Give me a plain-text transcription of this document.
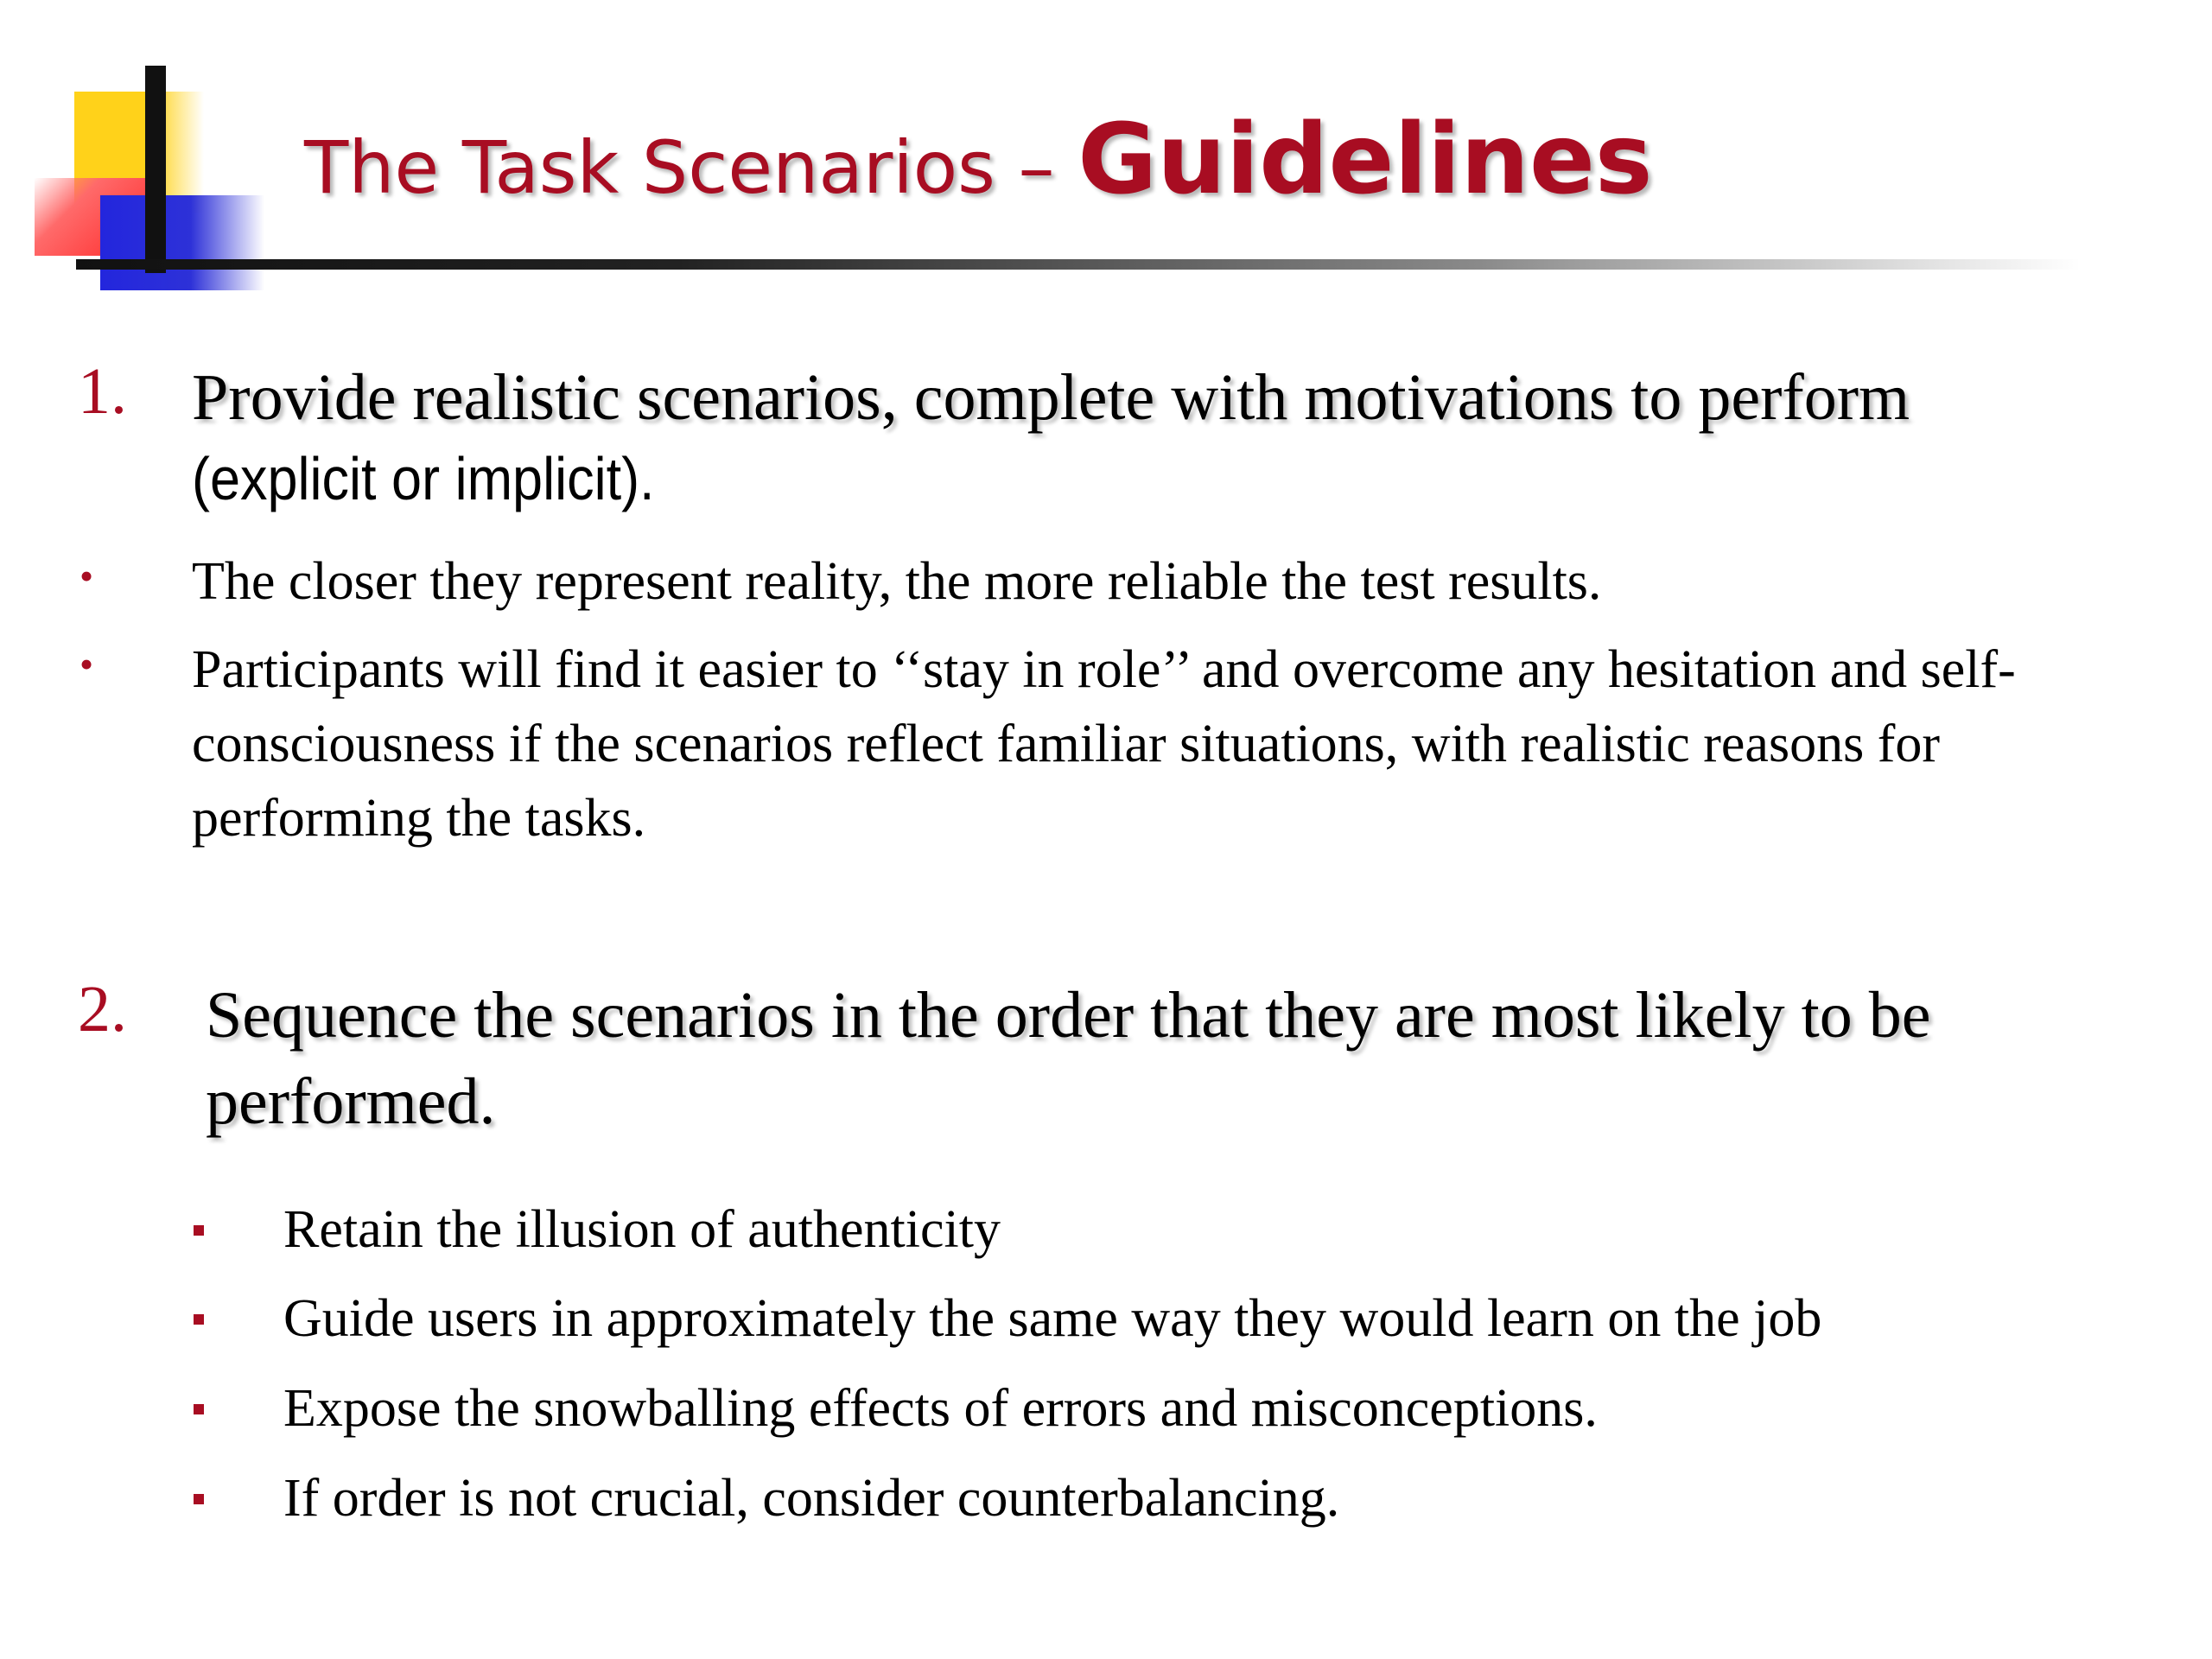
The Task Scenarios – Guidelines
1. Provide realistic scenarios, complete with motivations to perform
(explicit or implicit).
• The closer they represent reality, the more reliable the test results.
• Participants will find it easier to ‘‘stay in role’’ and overcome any hesitation and self-consciousness if the scenarios reflect familiar situations, with realistic reasons for performing the tasks.
2. Sequence the scenarios in the order that they are most likely to be performed.
Retain the illusion of authenticity
Guide users in approximately the same way they would learn on the job
Expose the snowballing effects of errors and misconceptions.
If order is not crucial, consider counterbalancing.
